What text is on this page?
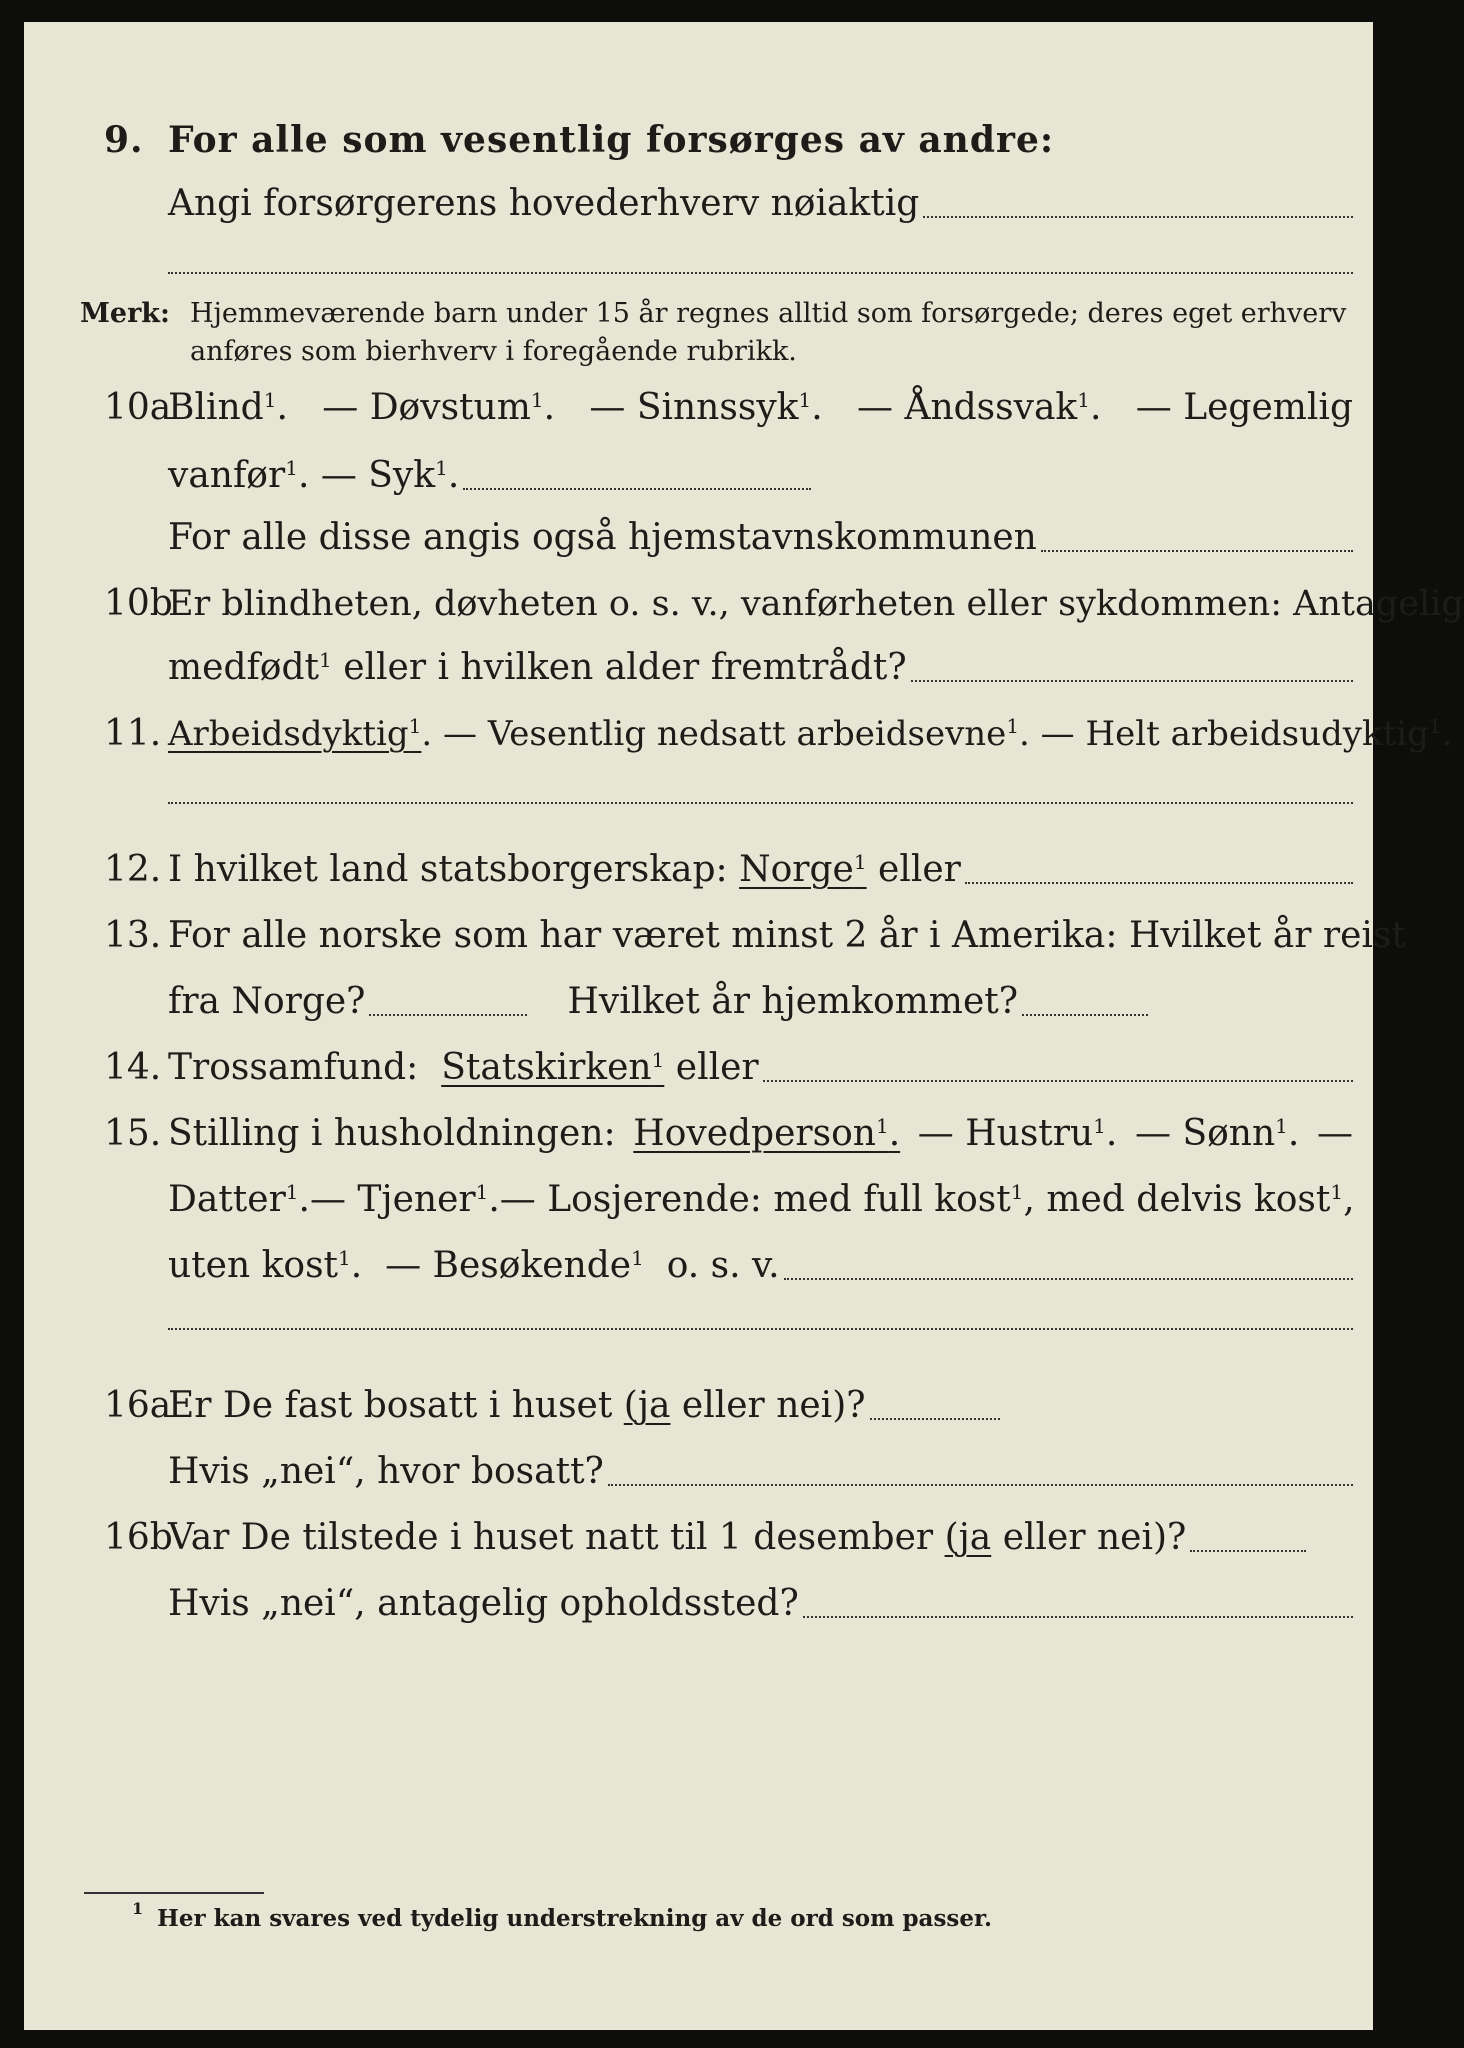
9. For alle som vesentlig forsørges av andre:
Angi forsørgerens hovederhverv nøiaktig
Merk: Hjemmeværende barn under 15 år regnes alltid som forsørgede; deres eget erhverv
anføres som bierhverv i foregående rubrikk.
10a
Blind$^1$. — Døvstum$^1$. — Sinnssyk$^1$. — Åndssvak$^1$. — Legemlig
vanfør$^1$. — Syk$^1$.
For alle disse angis også hjemstavnskommunen
10b
Er blindheten, døvheten o. s. v., vanførheten eller sykdommen: Antagelig
medfødt$^1$ eller i hvilken alder fremtrådt?
11. Arbeidsdyktig$^1$ . — Vesentlig nedsatt arbeidsevne$^1$. — Helt arbeidsudyktig$^1$.
12. I hvilket land statsborgerskap:
Norge$^1$
eller
13. For alle norske som har været minst 2 år i Amerika: Hvilket år reist
fra Norge?	Hvilket år hjemkommet?
14. Trossamfund:
Statskirken$^1$
eller
15. Stilling i husholdningen: Hovedperson$^1$. — Hustru$^1$. — Sønn$^1$. —
Datter$^1$. — Tjener$^1$. — Losjerende: med full kost$^1$ , med delvis kost$^1$,
uten kost$^1$. — Besøkende$^1$ o. s. v.
16a
Er De fast bosatt i huset
(ja
eller nei)?
Hvis „nei“, hvor bosatt?
16b
Var De tilstede i huset natt til 1 desember
(ja
eller nei)?
Hvis „nei“, antagelig opholdssted?
$^1$ Her kan svares ved tydelig understrekning av de ord som passer.
